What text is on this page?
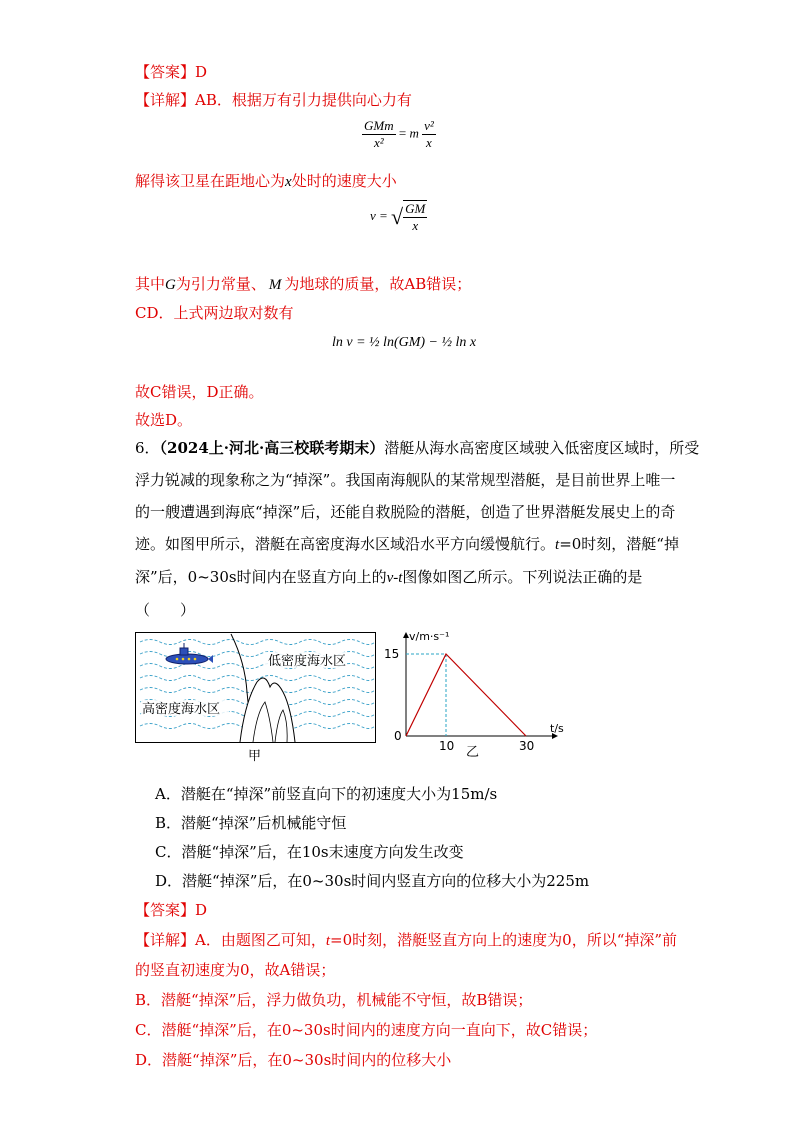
【答案】D
【详解】AB．根据万有引力提供向心力有
$\frac{\text{GMm}}{\text{x²}} = m \frac{\text{v²}}{x}$
解得该卫星在距地心为x处时的速度大小
v = √ $\frac{GM}{x}$
其中G为引力常量、 M 为地球的质量，故AB错误；
CD．上式两边取对数有
ln v = ½ ln(GM) − ½ ln x
故C错误，D正确。
故选D。
6．（2024上·河北·高三校联考期末）潜艇从海水高密度区域驶入低密度区域时，所受
浮力锐减的现象称之为“掉深”。我国南海舰队的某常规型潜艇，是目前世界上唯一
的一艘遭遇到海底“掉深”后，还能自救脱险的潜艇，创造了世界潜艇发展史上的奇
迹。如图甲所示，潜艇在高密度海水区域沿水平方向缓慢航行。t=0时刻，潜艇“掉
深”后，0~30s时间内在竖直方向上的v-t图像如图乙所示。下列说法正确的是
（　　）
低密度海水区
高密度海水区
甲
v/m·s⁻¹
t/s
0
15
10	30
乙
A．潜艇在“掉深”前竖直向下的初速度大小为15m/s
B．潜艇“掉深”后机械能守恒
C．潜艇“掉深”后，在10s末速度方向发生改变
D．潜艇“掉深”后，在0~30s时间内竖直方向的位移大小为225m
【答案】D
【详解】A．由题图乙可知，t=0时刻，潜艇竖直方向上的速度为0，所以“掉深”前
的竖直初速度为0，故A错误；
B．潜艇“掉深”后，浮力做负功，机械能不守恒，故B错误；
C．潜艇“掉深”后，在0~30s时间内的速度方向一直向下，故C错误；
D．潜艇“掉深”后，在0~30s时间内的位移大小
